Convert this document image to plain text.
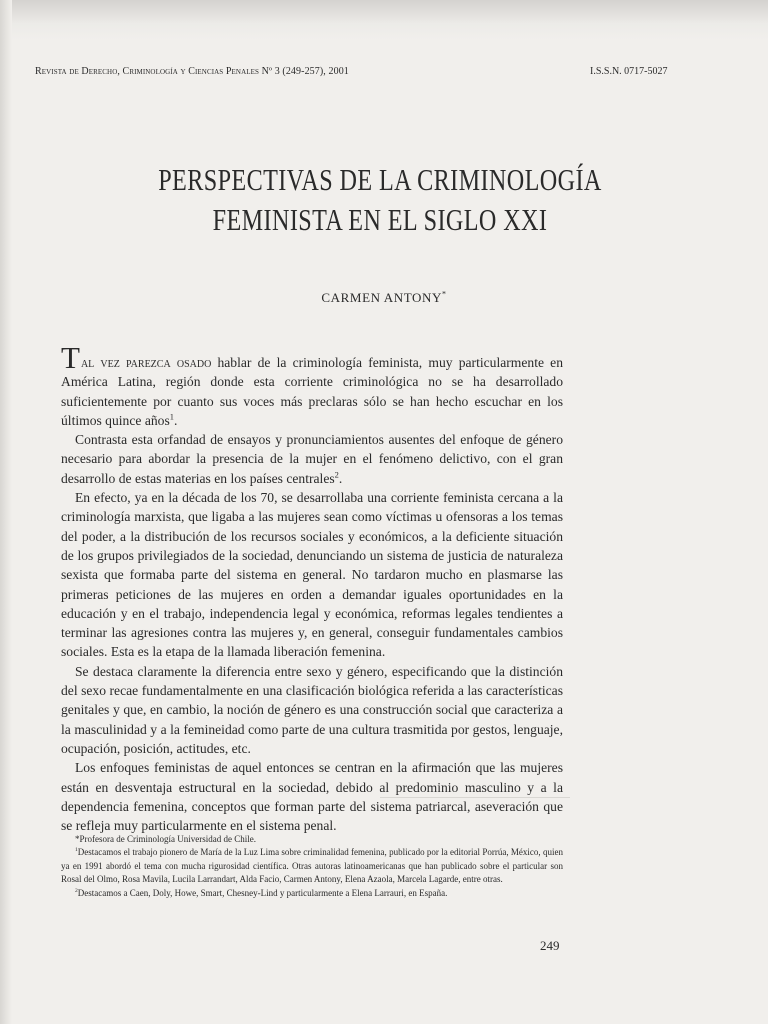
Revista de Derecho, Criminología y Ciencias Penales Nº 3 (249-257), 2001	I.S.S.N. 0717-5027
PERSPECTIVAS DE LA CRIMINOLOGÍA
FEMINISTA EN EL SIGLO XXI
CARMEN ANTONY*

Tal vez parezca osado hablar de la criminología feminista, muy particularmente en América Latina, región donde esta corriente criminológica no se ha desarrollado suficientemente por cuanto sus voces más preclaras sólo se han hecho escuchar en los últimos quince años$^1$.

Contrasta esta orfandad de ensayos y pronunciamientos ausentes del enfoque de género necesario para abordar la presencia de la mujer en el fenómeno delictivo, con el gran desarrollo de estas materias en los países centrales$^2$.

En efecto, ya en la década de los 70, se desarrollaba una corriente feminista cercana a la criminología marxista, que ligaba a las mujeres sean como víctimas u ofensoras a los temas del poder, a la distribución de los recursos sociales y económicos, a la deficiente situación de los grupos privilegiados de la sociedad, denunciando un sistema de justicia de naturaleza sexista que formaba parte del sistema en general. No tardaron mucho en plasmarse las primeras peticiones de las mujeres en orden a demandar iguales oportunidades en la educación y en el trabajo, independencia legal y económica, reformas legales tendientes a terminar las agresiones contra las mujeres y, en general, conseguir fundamentales cambios sociales. Esta es la etapa de la llamada liberación femenina.

Se destaca claramente la diferencia entre sexo y género, especificando que la distinción del sexo recae fundamentalmente en una clasificación biológica referida a las características genitales y que, en cambio, la noción de género es una construcción social que caracteriza a la masculinidad y a la femineidad como parte de una cultura trasmitida por gestos, lenguaje, ocupación, posición, actitudes, etc.

Los enfoques feministas de aquel entonces se centran en la afirmación que las mujeres están en desventaja estructural en la sociedad, debido al predominio masculino y a la dependencia femenina, conceptos que forman parte del sistema patriarcal, aseveración que se refleja muy particularmente en el sistema penal.

*Profesora de Criminología Universidad de Chile.

$^1$Destacamos el trabajo pionero de María de la Luz Lima sobre criminalidad femenina, publicado por la editorial Porrúa, México, quien ya en 1991 abordó el tema con mucha rigurosidad científica. Otras autoras latinoamericanas que han publicado sobre el particular son Rosal del Olmo, Rosa Mavila, Lucila Larrandart, Alda Facio, Carmen Antony, Elena Azaola, Marcela Lagarde, entre otras.

$^2$Destacamos a Caen, Doly, Howe, Smart, Chesney-Lind y particularmente a Elena Larrauri, en España.

249
